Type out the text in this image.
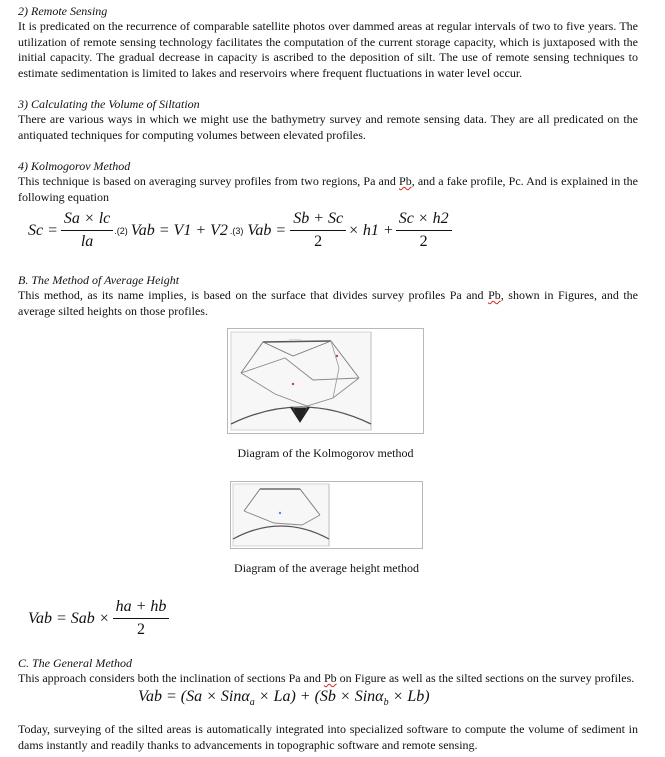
2) Remote Sensing
It is predicated on the recurrence of comparable satellite photos over dammed areas at regular intervals of two to five years. The utilization of remote sensing technology facilitates the computation of the current storage capacity, which is juxtaposed with the initial capacity. The gradual decrease in capacity is ascribed to the deposition of silt. The use of remote sensing techniques to estimate sedimentation is limited to lakes and reservoirs where frequent fluctuations in water level occur.
3) Calculating the Volume of Siltation
There are various ways in which we might use the bathymetry survey and remote sensing data. They are all predicated on the antiquated techniques for computing volumes between elevated profiles.
4) Kolmogorov Method
This technique is based on averaging survey profiles from two regions, Pa and Pb, and a fake profile, Pc. And is explained in the following equation
$Sc = \frac{Sa \times lc}{la} .(2)$ Vab = V1 + V2 .(3) Vab = $\frac{Sb + Sc}{2} \times h1 + \frac{Sc \times h2}{2}$
B. The Method of Average Height
This method, as its name implies, is based on the surface that divides survey profiles Pa and Pb, shown in Figures, and the average silted heights on those profiles.
———
Diagram of the Kolmogorov method
Diagram of the average height method
Vab = Sab × $\frac{ha + hb}{2}$
C. The General Method
This approach considers both the inclination of sections Pa and Pb on Figure as well as the silted sections on the survey profiles.
Vab = (Sa × Sinα$_a$ × La) + (Sb × Sinα$_b$ × Lb)
Today, surveying of the silted areas is automatically integrated into specialized software to compute the volume of sediment in dams instantly and readily thanks to advancements in topographic software and remote sensing.
